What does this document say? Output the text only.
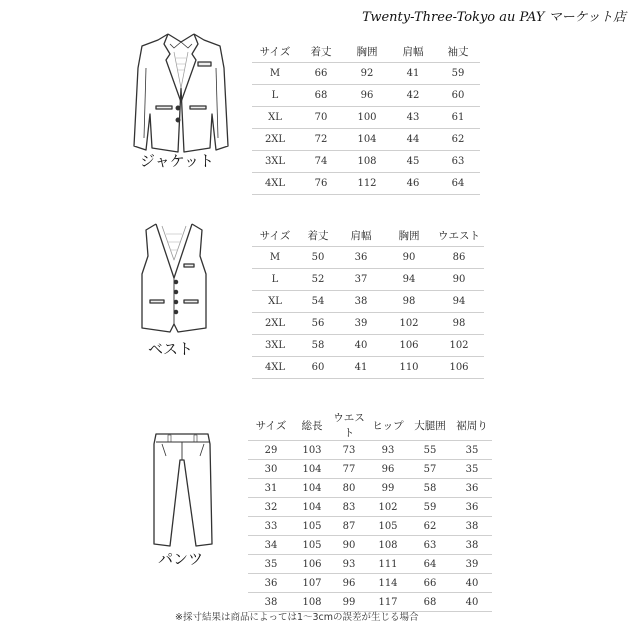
Twenty-Three-Tokyo au PAY マーケット店
ジャケット
サイズ	着丈	胸囲	肩幅	袖丈
M	66	92	41	59
L	68	96	42	60
XL	70	100	43	61
2XL	72	104	44	62
3XL	74	108	45	63
4XL	76	112	46	64
ベスト
サイズ	着丈	肩幅	胸囲	ウエスト
M	50	36	90	86
L	52	37	94	90
XL	54	38	98	94
2XL	56	39	102	98
3XL	58	40	106	102
4XL	60	41	110	106
パンツ
サイズ	総長	ウエスト	ヒップ	大腿囲	裾周り
29	103	73	93	55	35
30	104	77	96	57	35
31	104	80	99	58	36
32	104	83	102	59	36
33	105	87	105	62	38
34	105	90	108	63	38
35	106	93	111	64	39
36	107	96	114	66	40
38	108	99	117	68	40
※採寸結果は商品によっては1～3cmの誤差が生じる場合
